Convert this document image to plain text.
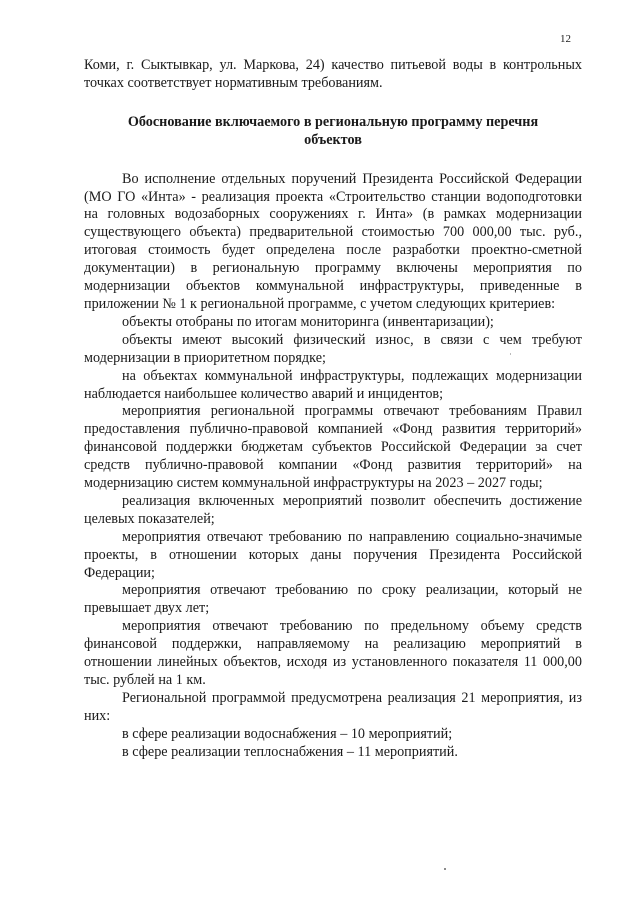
12

Коми, г. Сыктывкар, ул. Маркова, 24) качество питьевой воды в контрольных точках соответствует нормативным требованиям.

Обоснование включаемого в региональную программу перечня объектов

Во исполнение отдельных поручений Президента Российской Федерации (МО ГО «Инта» - реализация проекта «Строительство станции водоподготовки на головных водозаборных сооружениях г. Инта» (в рамках модернизации существующего объекта) предварительной стоимостью 700 000,00 тыс. руб., итоговая стоимость будет определена после разработки проектно-сметной документации) в региональную программу включены мероприятия по модернизации объектов коммунальной инфраструктуры, приведенные в приложении № 1 к региональной программе, с учетом следующих критериев:

объекты отобраны по итогам мониторинга (инвентаризации);

объекты имеют высокий физический износ, в связи с чем требуют модернизации в приоритетном порядке;

на объектах коммунальной инфраструктуры, подлежащих модернизации наблюдается наибольшее количество аварий и инцидентов;

мероприятия региональной программы отвечают требованиям Правил предоставления публично-правовой компанией «Фонд развития территорий» финансовой поддержки бюджетам субъектов Российской Федерации за счет средств публично-правовой компании «Фонд развития территорий» на модернизацию систем коммунальной инфраструктуры на 2023 – 2027 годы;

реализация включенных мероприятий позволит обеспечить достижение целевых показателей;

мероприятия отвечают требованию по направлению социально-значимые проекты, в отношении которых даны поручения Президента Российской Федерации;

мероприятия отвечают требованию по сроку реализации, который не превышает двух лет;

мероприятия отвечают требованию по предельному объему средств финансовой поддержки, направляемому на реализацию мероприятий в отношении линейных объектов, исходя из установленного показателя 11 000,00 тыс. рублей на 1 км.

Региональной программой предусмотрена реализация 21 мероприятия, из них:

в сфере реализации водоснабжения – 10 мероприятий;

в сфере реализации теплоснабжения – 11 мероприятий.
